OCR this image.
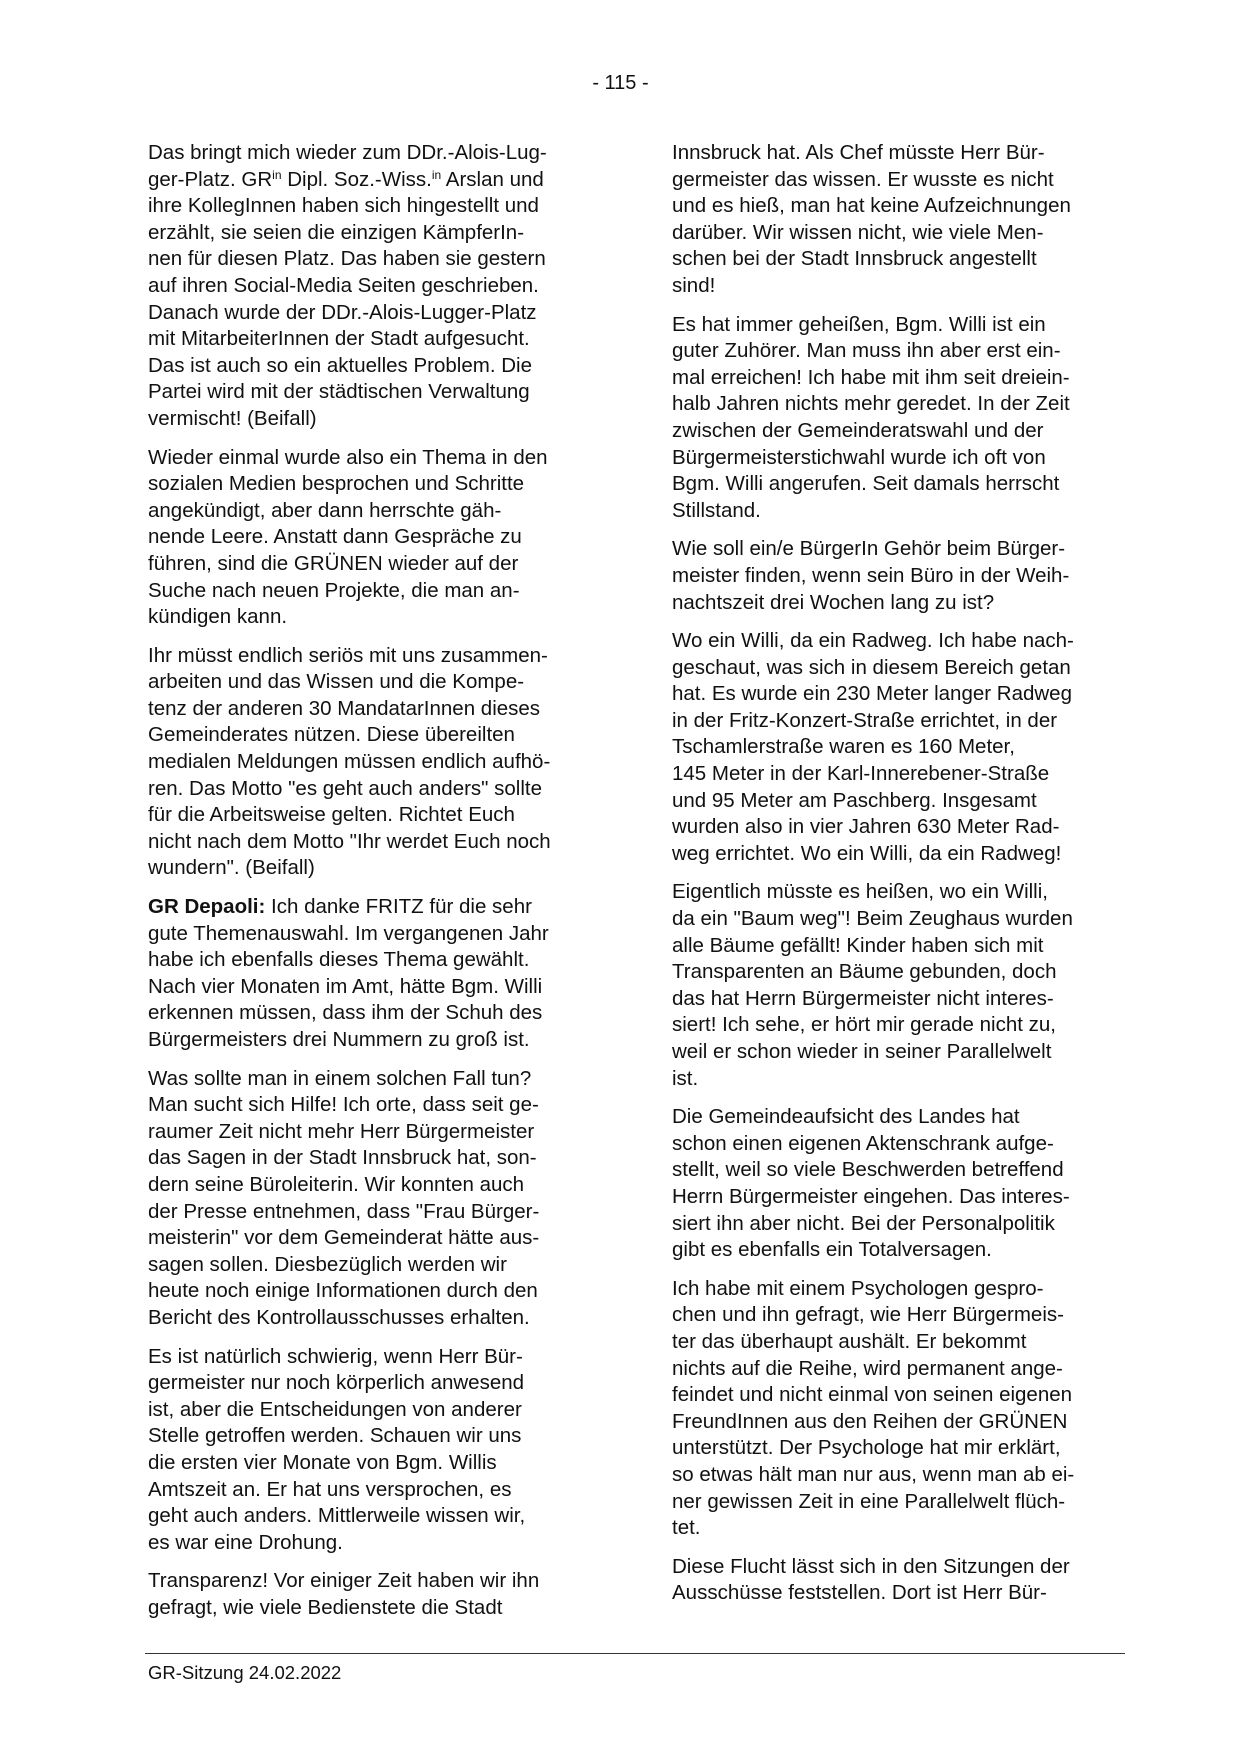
- 115 -

Das bringt mich wieder zum DDr.-Alois-Lug-
ger-Platz. $GR^{in}$ Dipl. Soz.-Wiss.$^{in}$ Arslan und
ihre KollegInnen haben sich hingestellt und
erzählt, sie seien die einzigen KämpferIn-
nen für diesen Platz. Das haben sie gestern
auf ihren Social-Media Seiten geschrieben.
Danach wurde der DDr.-Alois-Lugger-Platz
mit MitarbeiterInnen der Stadt aufgesucht.
Das ist auch so ein aktuelles Problem. Die
Partei wird mit der städtischen Verwaltung
vermischt! (Beifall)

Wieder einmal wurde also ein Thema in den
sozialen Medien besprochen und Schritte
angekündigt, aber dann herrschte gäh-
nende Leere. Anstatt dann Gespräche zu
führen, sind die GRÜNEN wieder auf der
Suche nach neuen Projekte, die man an-
kündigen kann.

Ihr müsst endlich seriös mit uns zusammen-
arbeiten und das Wissen und die Kompe-
tenz der anderen 30 MandatarInnen dieses
Gemeinderates nützen. Diese übereilten
medialen Meldungen müssen endlich aufhö-
ren. Das Motto "es geht auch anders" sollte
für die Arbeitsweise gelten. Richtet Euch
nicht nach dem Motto "Ihr werdet Euch noch
wundern". (Beifall)

GR Depaoli: Ich danke FRITZ für die sehr
gute Themenauswahl. Im vergangenen Jahr
habe ich ebenfalls dieses Thema gewählt.
Nach vier Monaten im Amt, hätte Bgm. Willi
erkennen müssen, dass ihm der Schuh des
Bürgermeisters drei Nummern zu groß ist.

Was sollte man in einem solchen Fall tun?
Man sucht sich Hilfe! Ich orte, dass seit ge-
raumer Zeit nicht mehr Herr Bürgermeister
das Sagen in der Stadt Innsbruck hat, son-
dern seine Büroleiterin. Wir konnten auch
der Presse entnehmen, dass "Frau Bürger-
meisterin" vor dem Gemeinderat hätte aus-
sagen sollen. Diesbezüglich werden wir
heute noch einige Informationen durch den
Bericht des Kontrollausschusses erhalten.

Es ist natürlich schwierig, wenn Herr Bür-
germeister nur noch körperlich anwesend
ist, aber die Entscheidungen von anderer
Stelle getroffen werden. Schauen wir uns
die ersten vier Monate von Bgm. Willis
Amtszeit an. Er hat uns versprochen, es
geht auch anders. Mittlerweile wissen wir,
es war eine Drohung.

Transparenz! Vor einiger Zeit haben wir ihn
gefragt, wie viele Bedienstete die Stadt

Innsbruck hat. Als Chef müsste Herr Bür-
germeister das wissen. Er wusste es nicht
und es hieß, man hat keine Aufzeichnungen
darüber. Wir wissen nicht, wie viele Men-
schen bei der Stadt Innsbruck angestellt
sind!

Es hat immer geheißen, Bgm. Willi ist ein
guter Zuhörer. Man muss ihn aber erst ein-
mal erreichen! Ich habe mit ihm seit dreiein-
halb Jahren nichts mehr geredet. In der Zeit
zwischen der Gemeinderatswahl und der
Bürgermeisterstichwahl wurde ich oft von
Bgm. Willi angerufen. Seit damals herrscht
Stillstand.

Wie soll ein/e BürgerIn Gehör beim Bürger-
meister finden, wenn sein Büro in der Weih-
nachtszeit drei Wochen lang zu ist?

Wo ein Willi, da ein Radweg. Ich habe nach-
geschaut, was sich in diesem Bereich getan
hat. Es wurde ein 230 Meter langer Radweg
in der Fritz-Konzert-Straße errichtet, in der
Tschamlerstraße waren es 160 Meter,
145 Meter in der Karl-Innerebener-Straße
und 95 Meter am Paschberg. Insgesamt
wurden also in vier Jahren 630 Meter Rad-
weg errichtet. Wo ein Willi, da ein Radweg!

Eigentlich müsste es heißen, wo ein Willi,
da ein "Baum weg"! Beim Zeughaus wurden
alle Bäume gefällt! Kinder haben sich mit
Transparenten an Bäume gebunden, doch
das hat Herrn Bürgermeister nicht interes-
siert! Ich sehe, er hört mir gerade nicht zu,
weil er schon wieder in seiner Parallelwelt
ist.

Die Gemeindeaufsicht des Landes hat
schon einen eigenen Aktenschrank aufge-
stellt, weil so viele Beschwerden betreffend
Herrn Bürgermeister eingehen. Das interes-
siert ihn aber nicht. Bei der Personalpolitik
gibt es ebenfalls ein Totalversagen.

Ich habe mit einem Psychologen gespro-
chen und ihn gefragt, wie Herr Bürgermeis-
ter das überhaupt aushält. Er bekommt
nichts auf die Reihe, wird permanent ange-
feindet und nicht einmal von seinen eigenen
FreundInnen aus den Reihen der GRÜNEN
unterstützt. Der Psychologe hat mir erklärt,
so etwas hält man nur aus, wenn man ab ei-
ner gewissen Zeit in eine Parallelwelt flüch-
tet.

Diese Flucht lässt sich in den Sitzungen der
Ausschüsse feststellen. Dort ist Herr Bür-

GR-Sitzung 24.02.2022
